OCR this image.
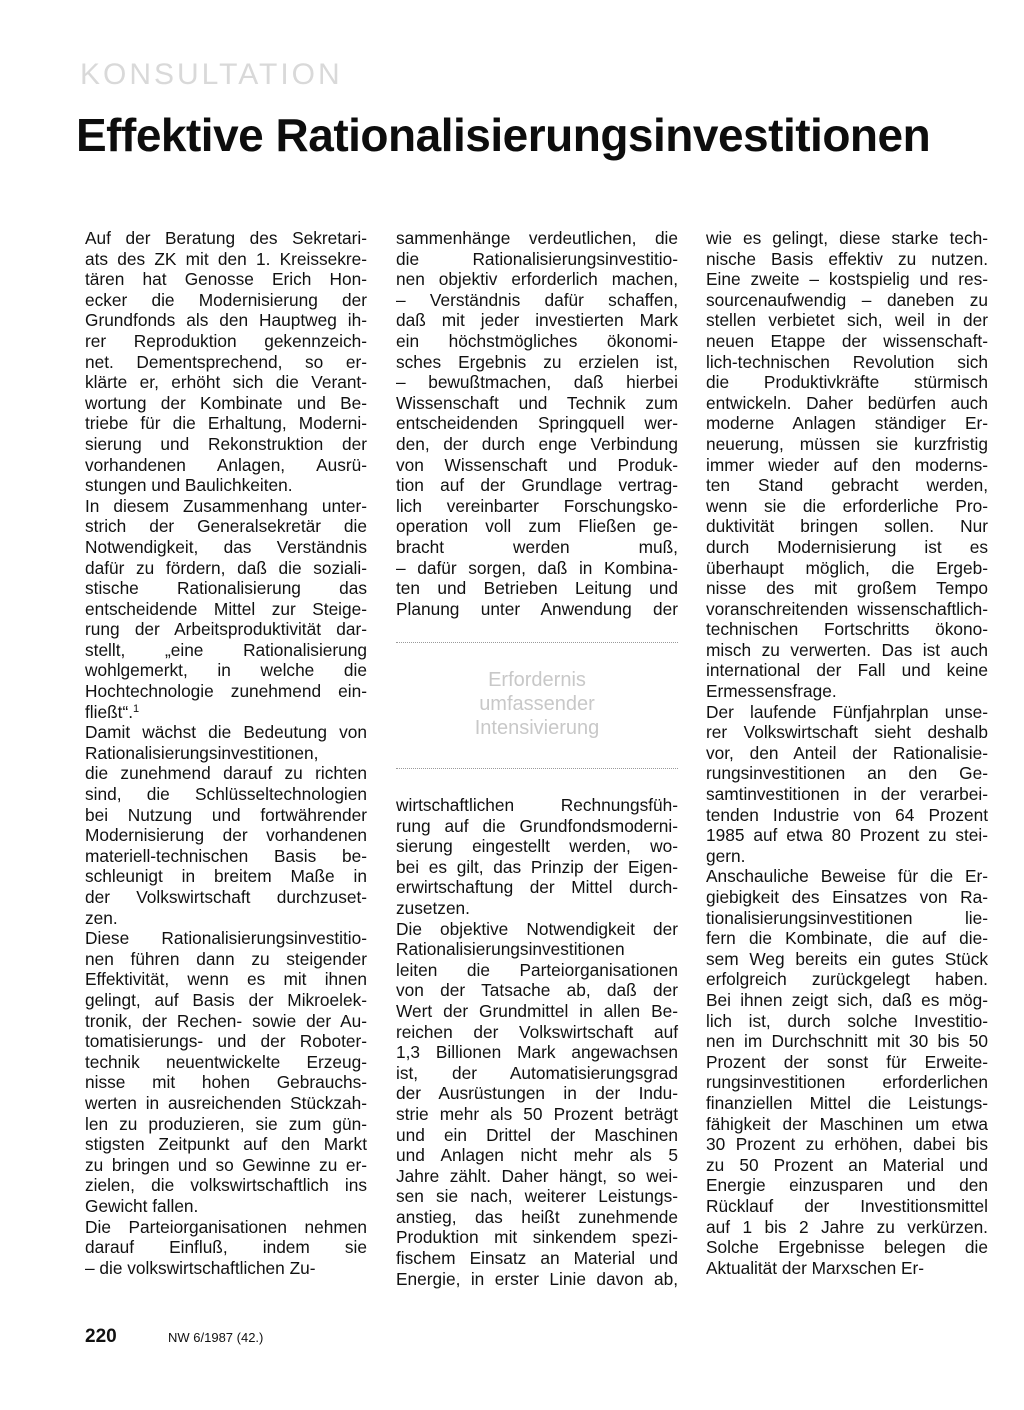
KONSULTATION
Effektive Rationalisierungsinvestitionen
Auf der Beratung des Sekretari-
ats des ZK mit den 1. Kreissekre-
tären hat Genosse Erich Hon-
ecker die Modernisierung der
Grundfonds als den Hauptweg ih-
rer Reproduktion gekennzeich-
net. Dementsprechend, so er-
klärte er, erhöht sich die Verant-
wortung der Kombinate und Be-
triebe für die Erhaltung, Moderni-
sierung und Rekonstruktion der
vorhandenen Anlagen, Ausrü-
stungen und Baulichkeiten.
In diesem Zusammenhang unter-
strich der Generalsekretär die
Notwendigkeit, das Verständnis
dafür zu fördern, daß die soziali-
stische Rationalisierung das
entscheidende Mittel zur Steige-
rung der Arbeitsproduktivität dar-
stellt, „eine Rationalisierung
wohlgemerkt, in welche die
Hochtechnologie zunehmend ein-
fließt“.$^1$
Damit wächst die Bedeutung von
Rationalisierungsinvestitionen,
die zunehmend darauf zu richten
sind, die Schlüsseltechnologien
bei Nutzung und fortwährender
Modernisierung der vorhandenen
materiell-technischen Basis be-
schleunigt in breitem Maße in
der Volkswirtschaft durchzuset-
zen.
Diese Rationalisierungsinvestitio-
nen führen dann zu steigender
Effektivität, wenn es mit ihnen
gelingt, auf Basis der Mikroelek-
tronik, der Rechen- sowie der Au-
tomatisierungs- und der Roboter-
technik neuentwickelte Erzeug-
nisse mit hohen Gebrauchs-
werten in ausreichenden Stückzah-
len zu produzieren, sie zum gün-
stigsten Zeitpunkt auf den Markt
zu bringen und so Gewinne zu er-
zielen, die volkswirtschaftlich ins
Gewicht fallen.
Die Parteiorganisationen nehmen
darauf Einfluß, indem sie
– die volkswirtschaftlichen Zu-
sammenhänge verdeutlichen, die
die Rationalisierungsinvestitio-
nen objektiv erforderlich machen,
– Verständnis dafür schaffen,
daß mit jeder investierten Mark
ein höchstmögliches ökonomi-
sches Ergebnis zu erzielen ist,
– bewußtmachen, daß hierbei
Wissenschaft und Technik zum
entscheidenden Springquell wer-
den, der durch enge Verbindung
von Wissenschaft und Produk-
tion auf der Grundlage vertrag-
lich vereinbarter Forschungsko-
operation voll zum Fließen ge-
bracht werden muß,
– dafür sorgen, daß in Kombina-
ten und Betrieben Leitung und
Planung unter Anwendung der
Erfordernis
umfassender
Intensivierung
wirtschaftlichen Rechnungsfüh-
rung auf die Grundfondsmoderni-
sierung eingestellt werden, wo-
bei es gilt, das Prinzip der Eigen-
erwirtschaftung der Mittel durch-
zusetzen.
Die objektive Notwendigkeit der
Rationalisierungsinvestitionen
leiten die Parteiorganisationen
von der Tatsache ab, daß der
Wert der Grundmittel in allen Be-
reichen der Volkswirtschaft auf
1,3 Billionen Mark angewachsen
ist, der Automatisierungsgrad
der Ausrüstungen in der Indu-
strie mehr als 50 Prozent beträgt
und ein Drittel der Maschinen
und Anlagen nicht mehr als 5
Jahre zählt. Daher hängt, so wei-
sen sie nach, weiterer Leistungs-
anstieg, das heißt zunehmende
Produktion mit sinkendem spezi-
fischem Einsatz an Material und
Energie, in erster Linie davon ab,
wie es gelingt, diese starke tech-
nische Basis effektiv zu nutzen.
Eine zweite – kostspielig und res-
sourcenaufwendig – daneben zu
stellen verbietet sich, weil in der
neuen Etappe der wissenschaft-
lich-technischen Revolution sich
die Produktivkräfte stürmisch
entwickeln. Daher bedürfen auch
moderne Anlagen ständiger Er-
neuerung, müssen sie kurzfristig
immer wieder auf den moderns-
ten Stand gebracht werden,
wenn sie die erforderliche Pro-
duktivität bringen sollen. Nur
durch Modernisierung ist es
überhaupt möglich, die Ergeb-
nisse des mit großem Tempo
voranschreitenden wissenschaftlich-
technischen Fortschritts ökono-
misch zu verwerten. Das ist auch
international der Fall und keine
Ermessensfrage.
Der laufende Fünfjahrplan unse-
rer Volkswirtschaft sieht deshalb
vor, den Anteil der Rationalisie-
rungsinvestitionen an den Ge-
samtinvestitionen in der verarbei-
tenden Industrie von 64 Prozent
1985 auf etwa 80 Prozent zu stei-
gern.
Anschauliche Beweise für die Er-
giebigkeit des Einsatzes von Ra-
tionalisierungsinvestitionen lie-
fern die Kombinate, die auf die-
sem Weg bereits ein gutes Stück
erfolgreich zurückgelegt haben.
Bei ihnen zeigt sich, daß es mög-
lich ist, durch solche Investitio-
nen im Durchschnitt mit 30 bis 50
Prozent der sonst für Erweite-
rungsinvestitionen erforderlichen
finanziellen Mittel die Leistungs-
fähigkeit der Maschinen um etwa
30 Prozent zu erhöhen, dabei bis
zu 50 Prozent an Material und
Energie einzusparen und den
Rücklauf der Investitionsmittel
auf 1 bis 2 Jahre zu verkürzen.
Solche Ergebnisse belegen die
Aktualität der Marxschen Er-
220	NW 6/1987 (42.)
